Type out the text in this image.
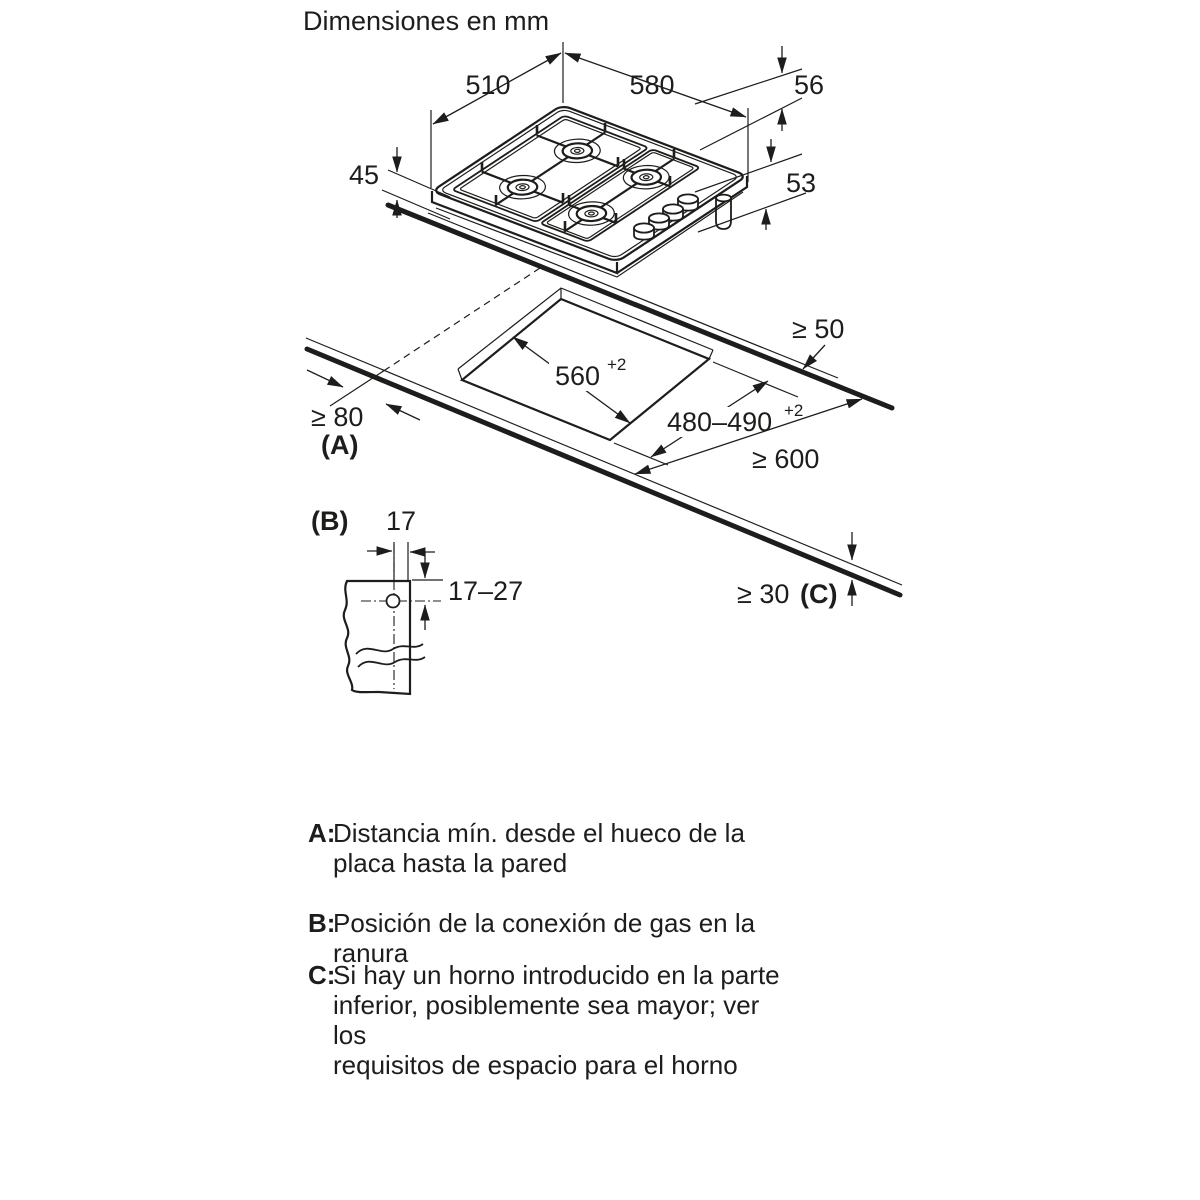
Dimensiones en mm
510	580
45
56
53
560 +2
480–490 +2
≥ 50
≥ 600
≥ 80
(A)
≥ 30 (C)
(B) 17
17–27
A:
Distancia mín. desde el hueco de la
placa hasta la pared
B:
Posición de la conexión de gas en la
ranura
C:
Si hay un horno introducido en la parte
inferior, posiblemente sea mayor; ver los
requisitos de espacio para el horno
